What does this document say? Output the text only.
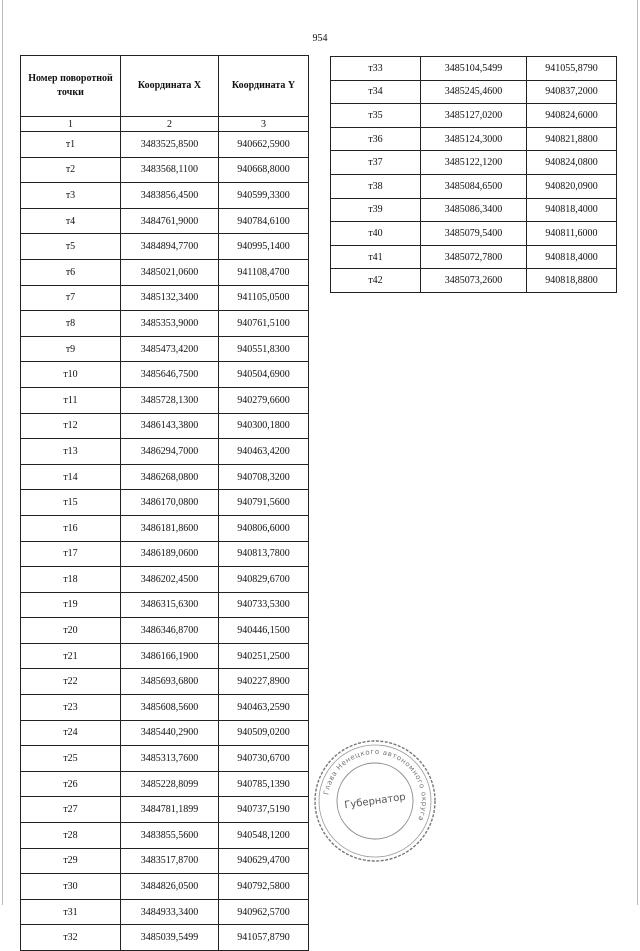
954
Номер поворотной точки	Координата X	Координата Y
1	2	3
т1	3483525,8500	940662,5900
т2	3483568,1100	940668,8000
т3	3483856,4500	940599,3300
т4	3484761,9000	940784,6100
т5	3484894,7700	940995,1400
т6	3485021,0600	941108,4700
т7	3485132,3400	941105,0500
т8	3485353,9000	940761,5100
т9	3485473,4200	940551,8300
т10	3485646,7500	940504,6900
т11	3485728,1300	940279,6600
т12	3486143,3800	940300,1800
т13	3486294,7000	940463,4200
т14	3486268,0800	940708,3200
т15	3486170,0800	940791,5600
т16	3486181,8600	940806,6000
т17	3486189,0600	940813,7800
т18	3486202,4500	940829,6700
т19	3486315,6300	940733,5300
т20	3486346,8700	940446,1500
т21	3486166,1900	940251,2500
т22	3485693,6800	940227,8900
т23	3485608,5600	940463,2590
т24	3485440,2900	940509,0200
т25	3485313,7600	940730,6700
т26	3485228,8099	940785,1390
т27	3484781,1899	940737,5190
т28	3483855,5600	940548,1200
т29	3483517,8700	940629,4700
т30	3484826,0500	940792,5800
т31	3484933,3400	940962,5700
т32	3485039,5499	941057,8790
т33	3485104,5499	941055,8790
т34	3485245,4600	940837,2000
т35	3485127,0200	940824,6000
т36	3485124,3000	940821,8800
т37	3485122,1200	940824,0800
т38	3485084,6500	940820,0900
т39	3485086,3400	940818,4000
т40	3485079,5400	940811,6000
т41	3485072,7800	940818,4000
т42	3485073,2600	940818,8800
Глава Ненецкого автономного округа
Губернатор
